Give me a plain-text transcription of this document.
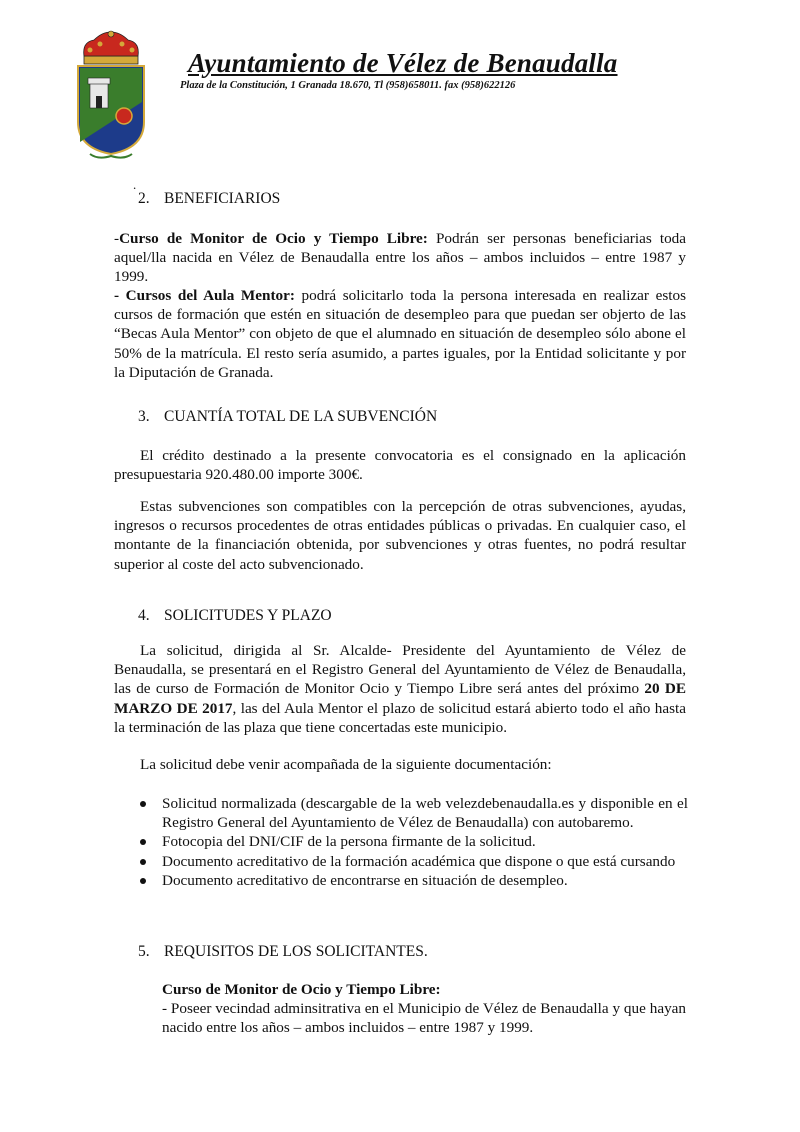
Ayuntamiento de Vélez de Benaudalla
Plaza de la Constitución, 1 Granada 18.670, Tl (958)658011. fax (958)622126
.
2. BENEFICIARIOS

-Curso de Monitor de Ocio y Tiempo Libre: Podrán ser personas beneficiarias toda aquel/lla nacida en Vélez de Benaudalla entre los años – ambos incluidos – entre 1987 y 1999.

- Cursos del Aula Mentor: podrá solicitarlo toda la persona interesada en realizar estos cursos de formación que estén en situación de desempleo para que puedan ser objerto de las “Becas Aula Mentor” con objeto de que el alumnado en situación de desempleo sólo abone el 50% de la matrícula. El resto sería asumido, a partes iguales, por la Entidad solicitante y por la Diputación de Granada.

3. CUANTÍA TOTAL DE LA SUBVENCIÓN

El crédito destinado a la presente convocatoria es el consignado en la aplicación presupuestaria 920.480.00 importe 300€.

Estas subvenciones son compatibles con la percepción de otras subvenciones, ayudas, ingresos o recursos procedentes de otras entidades públicas o privadas. En cualquier caso, el montante de la financiación obtenida, por subvenciones y otras fuentes, no podrá resultar superior al coste del acto subvencionado.

4. SOLICITUDES Y PLAZO

La solicitud, dirigida al Sr. Alcalde- Presidente del Ayuntamiento de Vélez de Benaudalla, se presentará en el Registro General del Ayuntamiento de Vélez de Benaudalla, las de curso de Formación de Monitor Ocio y Tiempo Libre será antes del próximo 20 DE MARZO DE 2017, las del Aula Mentor el plazo de solicitud estará abierto todo el año hasta la terminación de las plaza que tiene concertadas este municipio.

La solicitud debe venir acompañada de la siguiente documentación:

Solicitud normalizada (descargable de la web velezdebenaudalla.es y disponible en el Registro General del Ayuntamiento de Vélez de Benaudalla) con autobaremo.
Fotocopia del DNI/CIF de la persona firmante de la solicitud.
Documento acreditativo de la formación académica que dispone o que está cursando
Documento acreditativo de encontrarse en situación de desempleo.
5. REQUISITOS DE LOS SOLICITANTES.

Curso de Monitor de Ocio y Tiempo Libre:

- Poseer vecindad adminsitrativa en el Municipio de Vélez de Benaudalla y que hayan nacido entre los años – ambos incluidos – entre 1987 y 1999.
